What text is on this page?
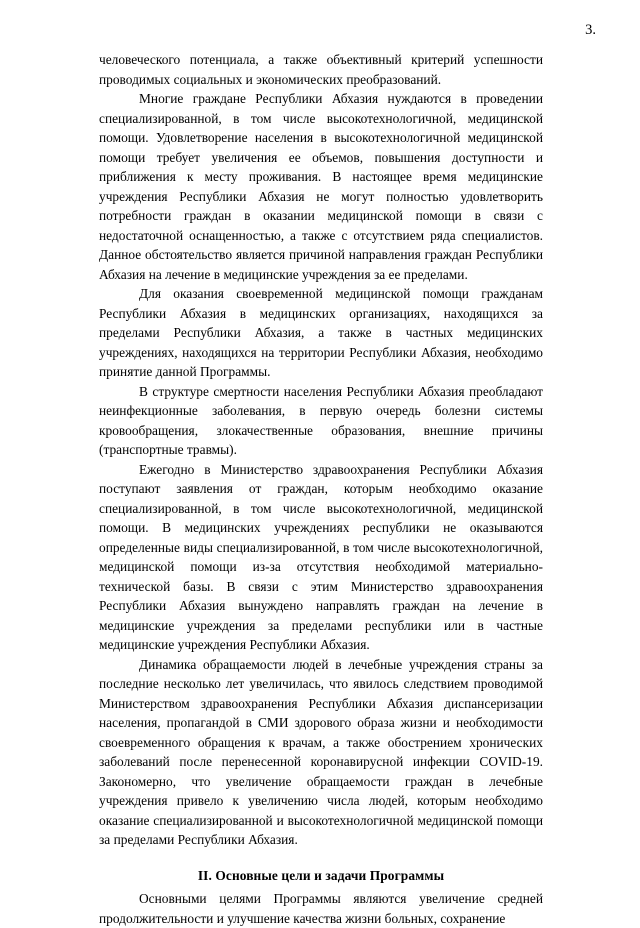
3.

человеческого потенциала, а также объективный критерий успешности проводимых социальных и экономических преобразований.

Многие граждане Республики Абхазия нуждаются в проведении специализированной, в том числе высокотехнологичной, медицинской помощи. Удовлетворение населения в высокотехнологичной медицинской помощи требует увеличения ее объемов, повышения доступности и приближения к месту проживания. В настоящее время медицинские учреждения Республики Абхазия не могут полностью удовлетворить потребности граждан в оказании медицинской помощи в связи с недостаточной оснащенностью, а также с отсутствием ряда специалистов. Данное обстоятельство является причиной направления граждан Республики Абхазия на лечение в медицинские учреждения за ее пределами.

Для оказания своевременной медицинской помощи гражданам Республики Абхазия в медицинских организациях, находящихся за пределами Республики Абхазия, а также в частных медицинских учреждениях, находящихся на территории Республики Абхазия, необходимо принятие данной Программы.

В структуре смертности населения Республики Абхазия преобладают неинфекционные заболевания, в первую очередь болезни системы кровообращения, злокачественные образования, внешние причины (транспортные травмы).

Ежегодно в Министерство здравоохранения Республики Абхазия поступают заявления от граждан, которым необходимо оказание специализированной, в том числе высокотехнологичной, медицинской помощи. В медицинских учреждениях республики не оказываются определенные виды специализированной, в том числе высокотехнологичной, медицинской помощи из-за отсутствия необходимой материально-технической базы. В связи с этим Министерство здравоохранения Республики Абхазия вынуждено направлять граждан на лечение в медицинские учреждения за пределами республики или в частные медицинские учреждения Республики Абхазия.

Динамика обращаемости людей в лечебные учреждения страны за последние несколько лет увеличилась, что явилось следствием проводимой Министерством здравоохранения Республики Абхазия диспансеризации населения, пропагандой в СМИ здорового образа жизни и необходимости своевременного обращения к врачам, а также обострением хронических заболеваний после перенесенной коронавирусной инфекции COVID-19. Закономерно, что увеличение обращаемости граждан в лечебные учреждения привело к увеличению числа людей, которым необходимо оказание специализированной и высокотехнологичной медицинской помощи за пределами Республики Абхазия.

II. Основные цели и задачи Программы

Основными целями Программы являются увеличение средней продолжительности и улучшение качества жизни больных, сохранение
